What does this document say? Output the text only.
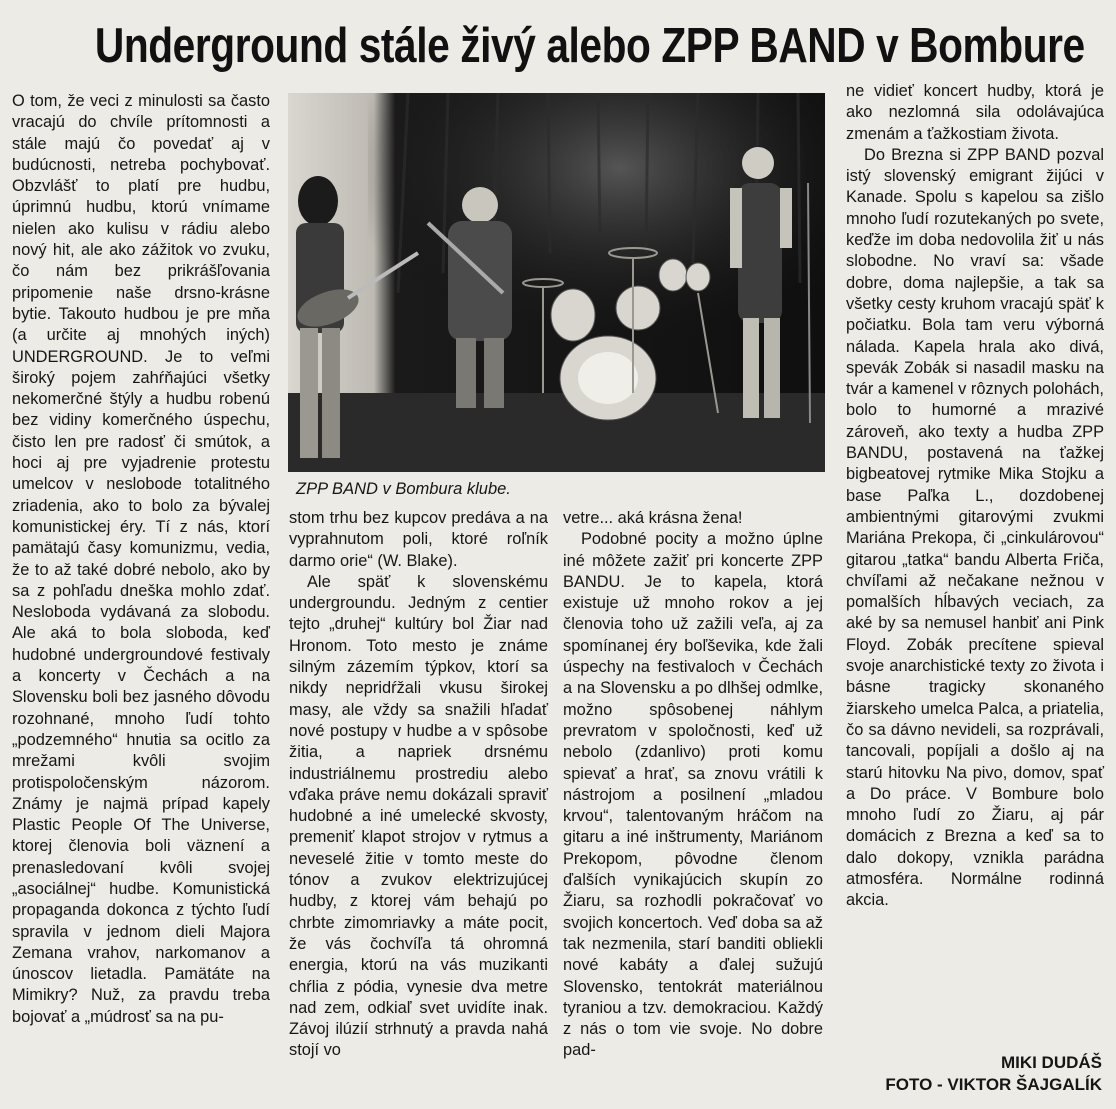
Underground stále živý alebo ZPP BAND v Bombure

O tom, že veci z minulosti sa často vracajú do chvíle prítomnosti a stále majú čo povedať aj v budúcnosti, netreba pochybovať. Obzvlášť to platí pre hudbu, úprimnú hudbu, ktorú vnímame nielen ako kulisu v rádiu alebo nový hit, ale ako zážitok vo zvuku, čo nám bez prikrášľovania pripomenie naše drsno-krásne bytie. Takouto hudbou je pre mňa (a určite aj mnohých iných) UNDERGROUND. Je to veľmi široký pojem zahŕňajúci všetky nekomerčné štýly a hudbu robenú bez vidiny komerčného úspechu, čisto len pre radosť či smútok, a hoci aj pre vyjadrenie protestu umelcov v neslobode totalitného zriadenia, ako to bolo za bývalej komunistickej éry. Tí z nás, ktorí pamätajú časy komunizmu, vedia, že to až také dobré nebolo, ako by sa z pohľadu dneška mohlo zdať. Nesloboda vydávaná za slobodu. Ale aká to bola sloboda, keď hudobné undergroundové festivaly a koncerty v Čechách a na Slovensku boli bez jasného dôvodu rozohnané, mnoho ľudí tohto „podzemného“ hnutia sa ocitlo za mrežami kvôli svojim protispoločenským názorom. Známy je najmä prípad kapely Plastic People Of The Universe, ktorej členovia boli väznení a prenasledovaní kvôli svojej „asociálnej“ hudbe. Komunistická propaganda dokonca z týchto ľudí spravila v jednom dieli Majora Zemana vrahov, narkomanov a únoscov lietadla. Pamätáte na Mimikry? Nuž, za pravdu treba bojovať a „múdrosť sa na pu-

ZPP BAND v Bombura klube.

stom trhu bez kupcov predáva a na vyprahnutom poli, ktoré roľník darmo orie“ (W. Blake).

Ale späť k slovenskému undergroundu. Jedným z centier tejto „druhej“ kultúry bol Žiar nad Hronom. Toto mesto je známe silným zázemím týpkov, ktorí sa nikdy nepridŕžali vkusu širokej masy, ale vždy sa snažili hľadať nové postupy v hudbe a v spôsobe žitia, a napriek drsnému industriálnemu prostrediu alebo vďaka práve nemu dokázali spraviť hudobné a iné umelecké skvosty, premeniť klapot strojov v rytmus a neveselé žitie v tomto meste do tónov a zvukov elektrizujúcej hudby, z ktorej vám behajú po chrbte zimomriavky a máte pocit, že vás čochvíľa tá ohromná energia, ktorú na vás muzikanti chŕlia z pódia, vynesie dva metre nad zem, odkiaľ svet uvidíte inak. Závoj ilúzií strhnutý a pravda nahá stojí vo

vetre... aká krásna žena!

Podobné pocity a možno úplne iné môžete zažiť pri koncerte ZPP BANDU. Je to kapela, ktorá existuje už mnoho rokov a jej členovia toho už zažili veľa, aj za spomínanej éry boľševika, kde žali úspechy na festivaloch v Čechách a na Slovensku a po dlhšej odmlke, možno spôsobenej náhlym prevratom v spoločnosti, keď už nebolo (zdanlivo) proti komu spievať a hrať, sa znovu vrátili k nástrojom a posilnení „mladou krvou“, talentovaným hráčom na gitaru a iné inštrumenty, Mariánom Prekopom, pôvodne členom ďalších vynikajúcich skupín zo Žiaru, sa rozhodli pokračovať vo svojich koncertoch. Veď doba sa až tak nezmenila, starí banditi obliekli nové kabáty a ďalej sužujú Slovensko, tentokrát materiálnou tyraniou a tzv. demokraciou. Každý z nás o tom vie svoje. No dobre pad-

ne vidieť koncert hudby, ktorá je ako nezlomná sila odolávajúca zmenám a ťažkostiam života.

Do Brezna si ZPP BAND pozval istý slovenský emigrant žijúci v Kanade. Spolu s kapelou sa zišlo mnoho ľudí rozutekaných po svete, keďže im doba nedovolila žiť u nás slobodne. No vraví sa: všade dobre, doma najlepšie, a tak sa všetky cesty kruhom vracajú späť k počiatku. Bola tam veru výborná nálada. Kapela hrala ako divá, spevák Zobák si nasadil masku na tvár a kamenel v rôznych polohách, bolo to humorné a mrazivé zároveň, ako texty a hudba ZPP BANDU, postavená na ťažkej bigbeatovej rytmike Mika Stojku a base Paľka L., dozdobenej ambientnými gitarovými zvukmi Mariána Prekopa, či „cinkulárovou“ gitarou „tatka“ bandu Alberta Friča, chvíľami až nečakane nežnou v pomalších hĺbavých veciach, za aké by sa nemusel hanbiť ani Pink Floyd. Zobák precítene spieval svoje anarchistické texty zo života i básne tragicky skonaného žiarskeho umelca Palca, a priatelia, čo sa dávno nevideli, sa rozprávali, tancovali, popíjali a došlo aj na starú hitovku Na pivo, domov, spať a Do práce. V Bombure bolo mnoho ľudí zo Žiaru, aj pár domácich z Brezna a keď sa to dalo dokopy, vznikla parádna atmosféra. Normálne rodinná akcia.

MIKI DUDÁŠ
FOTO - VIKTOR ŠAJGALÍK
